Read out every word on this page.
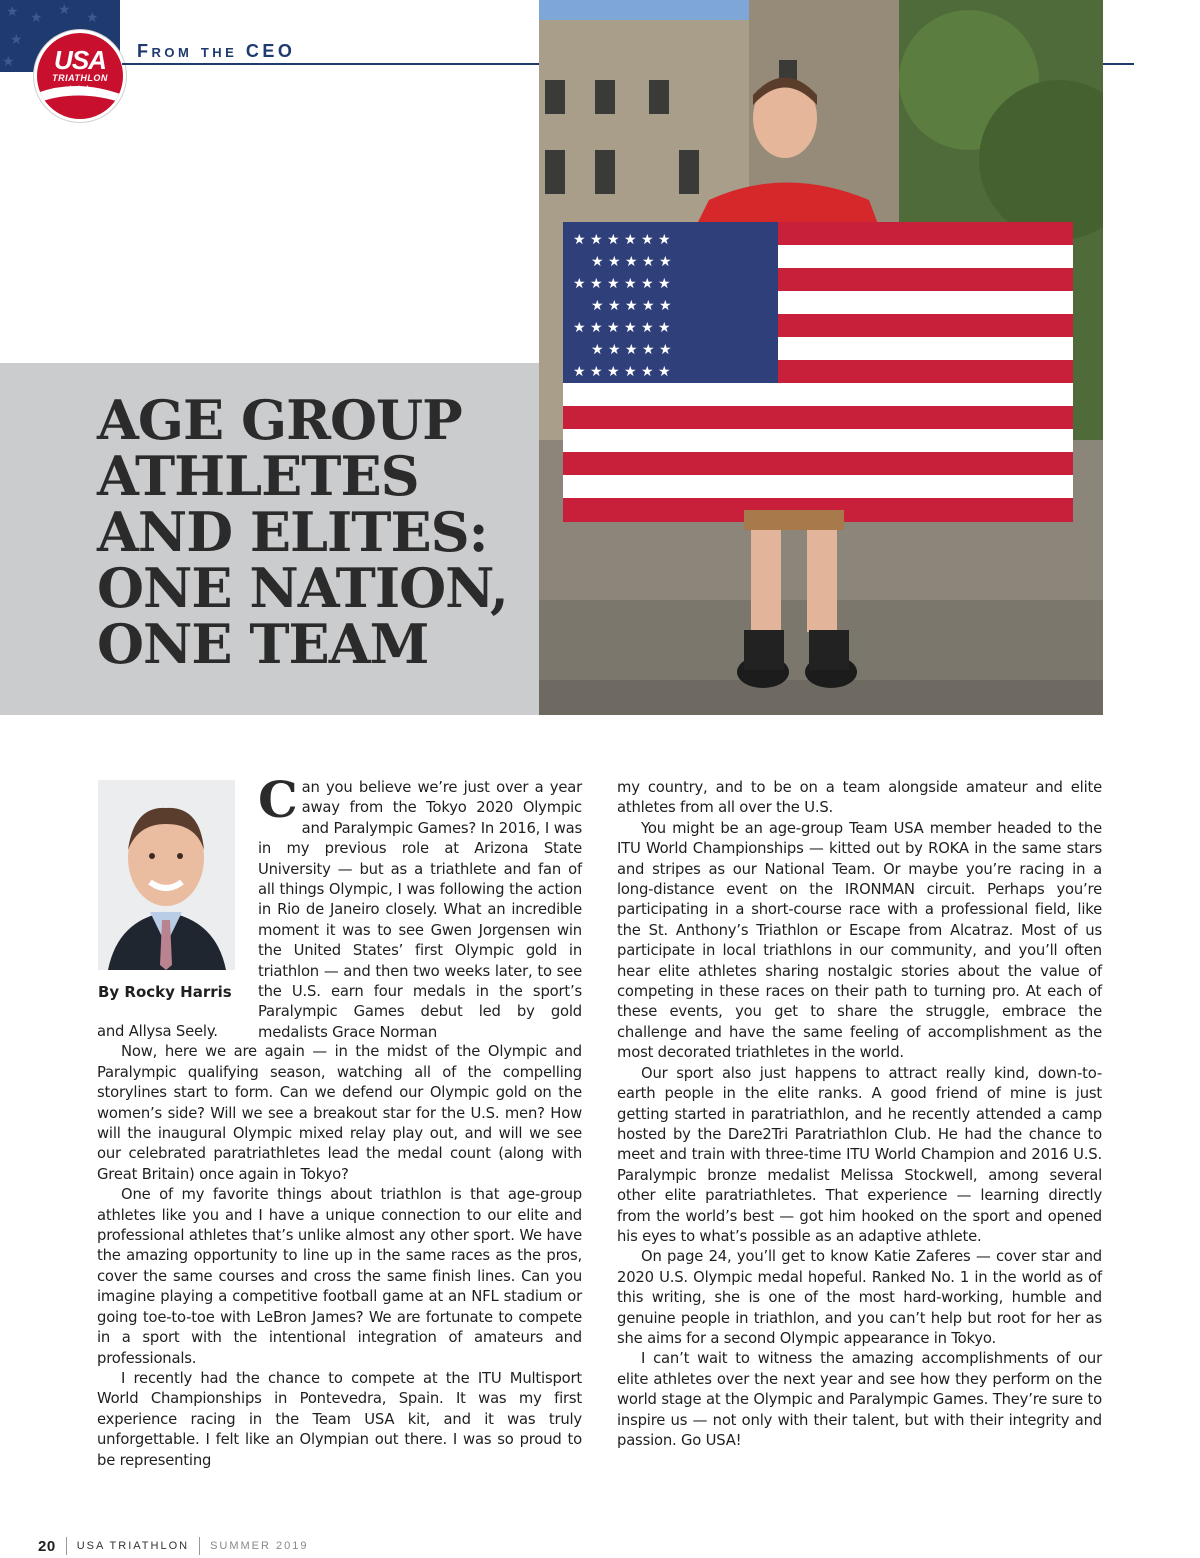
★ ★ ★ ★
★
★	USA
TRIATHLON
★★★
From the CEO
AGE GROUP
ATHLETES
AND ELITES:
ONE NATION,
ONE TEAM
★ ★ ★ ★ ★ ★
★ ★ ★ ★ ★
★ ★ ★ ★ ★ ★
★ ★ ★ ★ ★
★ ★ ★ ★ ★ ★
★ ★ ★ ★ ★
★ ★ ★ ★ ★ ★
By Rocky Harris

Can you believe we’re just over a year away from the Tokyo 2020 Olympic and Paralympic Games? In 2016, I was in my previous role at Arizona State University — but as a triathlete and fan of all things Olympic, I was following the action in Rio de Janeiro closely. What an incredible moment it was to see Gwen Jorgensen win the United States’ first Olympic gold in triathlon — and then two weeks later, to see the U.S. earn four medals in the sport’s Paralympic Games debut led by gold medalists Grace Norman

and Allysa Seely.

Now, here we are again — in the midst of the Olympic and Paralympic qualifying season, watching all of the compelling storylines start to form. Can we defend our Olympic gold on the women’s side? Will we see a breakout star for the U.S. men? How will the inaugural Olympic mixed relay play out, and will we see our celebrated paratriathletes lead the medal count (along with Great Britain) once again in Tokyo?

One of my favorite things about triathlon is that age-group athletes like you and I have a unique connection to our elite and professional athletes that’s unlike almost any other sport. We have the amazing opportunity to line up in the same races as the pros, cover the same courses and cross the same finish lines. Can you imagine playing a competitive football game at an NFL stadium or going toe-to-toe with LeBron James? We are fortunate to compete in a sport with the intentional integration of amateurs and professionals.

I recently had the chance to compete at the ITU Multisport World Championships in Pontevedra, Spain. It was my first experience racing in the Team USA kit, and it was truly unforgettable. I felt like an Olympian out there. I was so proud to be representing

my country, and to be on a team alongside amateur and elite athletes from all over the U.S.

You might be an age-group Team USA member headed to the ITU World Championships — kitted out by ROKA in the same stars and stripes as our National Team. Or maybe you’re racing in a long-distance event on the IRONMAN circuit. Perhaps you’re participating in a short-course race with a professional field, like the St. Anthony’s Triathlon or Escape from Alcatraz. Most of us participate in local triathlons in our community, and you’ll often hear elite athletes sharing nostalgic stories about the value of competing in these races on their path to turning pro. At each of these events, you get to share the struggle, embrace the challenge and have the same feeling of accomplishment as the most decorated triathletes in the world.

Our sport also just happens to attract really kind, down-to-earth people in the elite ranks. A good friend of mine is just getting started in paratriathlon, and he recently attended a camp hosted by the Dare2Tri Paratriathlon Club. He had the chance to meet and train with three-time ITU World Champion and 2016 U.S. Paralympic bronze medalist Melissa Stockwell, among several other elite paratriathletes. That experience — learning directly from the world’s best — got him hooked on the sport and opened his eyes to what’s possible as an adaptive athlete.

On page 24, you’ll get to know Katie Zaferes — cover star and 2020 U.S. Olympic medal hopeful. Ranked No. 1 in the world as of this writing, she is one of the most hard-working, humble and genuine people in triathlon, and you can’t help but root for her as she aims for a second Olympic appearance in Tokyo.

I can’t wait to witness the amazing accomplishments of our elite athletes over the next year and see how they perform on the world stage at the Olympic and Paralympic Games. They’re sure to inspire us — not only with their talent, but with their integrity and passion. Go USA!

20 USA TRIATHLON SUMMER 2019
